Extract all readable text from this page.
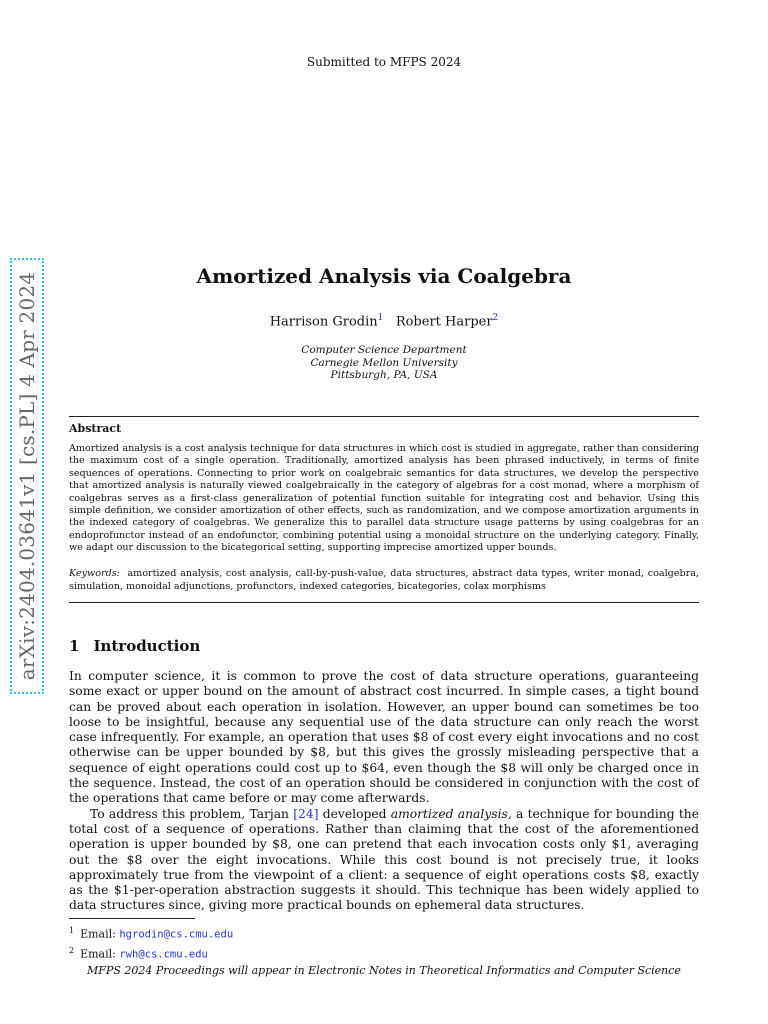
Submitted to MFPS 2024
arXiv:2404.03641v1 [cs.PL] 4 Apr 2024	Amortized Analysis via Coalgebra
Harrison Grodin$^1$ Robert Harper$^2$
Computer Science Department
Carnegie Mellon University
Pittsburgh, PA, USA
Abstract
Amortized analysis is a cost analysis technique for data structures in which cost is studied in aggregate, rather than considering the maximum cost of a single operation. Traditionally, amortized analysis has been phrased inductively, in terms of finite sequences of operations. Connecting to prior work on coalgebraic semantics for data structures, we develop the perspective that amortized analysis is naturally viewed coalgebraically in the category of algebras for a cost monad, where a morphism of coalgebras serves as a first-class generalization of potential function suitable for integrating cost and behavior. Using this simple definition, we consider amortization of other effects, such as randomization, and we compose amortization arguments in the indexed category of coalgebras. We generalize this to parallel data structure usage patterns by using coalgebras for an endoprofunctor instead of an endofunctor, combining potential using a monoidal structure on the underlying category. Finally, we adapt our discussion to the bicategorical setting, supporting imprecise amortized upper bounds.
Keywords: amortized analysis, cost analysis, call-by-push-value, data structures, abstract data types, writer monad, coalgebra, simulation, monoidal adjunctions, profunctors, indexed categories, bicategories, colax morphisms
1 Introduction

In computer science, it is common to prove the cost of data structure operations, guaranteeing some exact or upper bound on the amount of abstract cost incurred. In simple cases, a tight bound can be proved about each operation in isolation. However, an upper bound can sometimes be too loose to be insightful, because any sequential use of the data structure can only reach the worst case infrequently. For example, an operation that uses $8 of cost every eight invocations and no cost otherwise can be upper bounded by $8, but this gives the grossly misleading perspective that a sequence of eight operations could cost up to $64, even though the $8 will only be charged once in the sequence. Instead, the cost of an operation should be considered in conjunction with the cost of the operations that came before or may come afterwards.

To address this problem, Tarjan [24] developed amortized analysis, a technique for bounding the total cost of a sequence of operations. Rather than claiming that the cost of the aforementioned operation is upper bounded by $8, one can pretend that each invocation costs only $1, averaging out the $8 over the eight invocations. While this cost bound is not precisely true, it looks approximately true from the viewpoint of a client: a sequence of eight operations costs $8, exactly as the $1-per-operation abstraction suggests it should. This technique has been widely applied to data structures since, giving more practical bounds on ephemeral data structures.

$^1$ Email: hgrodin@cs.cmu.edu
$^2$ Email: rwh@cs.cmu.edu
MFPS 2024 Proceedings will appear in Electronic Notes in Theoretical Informatics and Computer Science
